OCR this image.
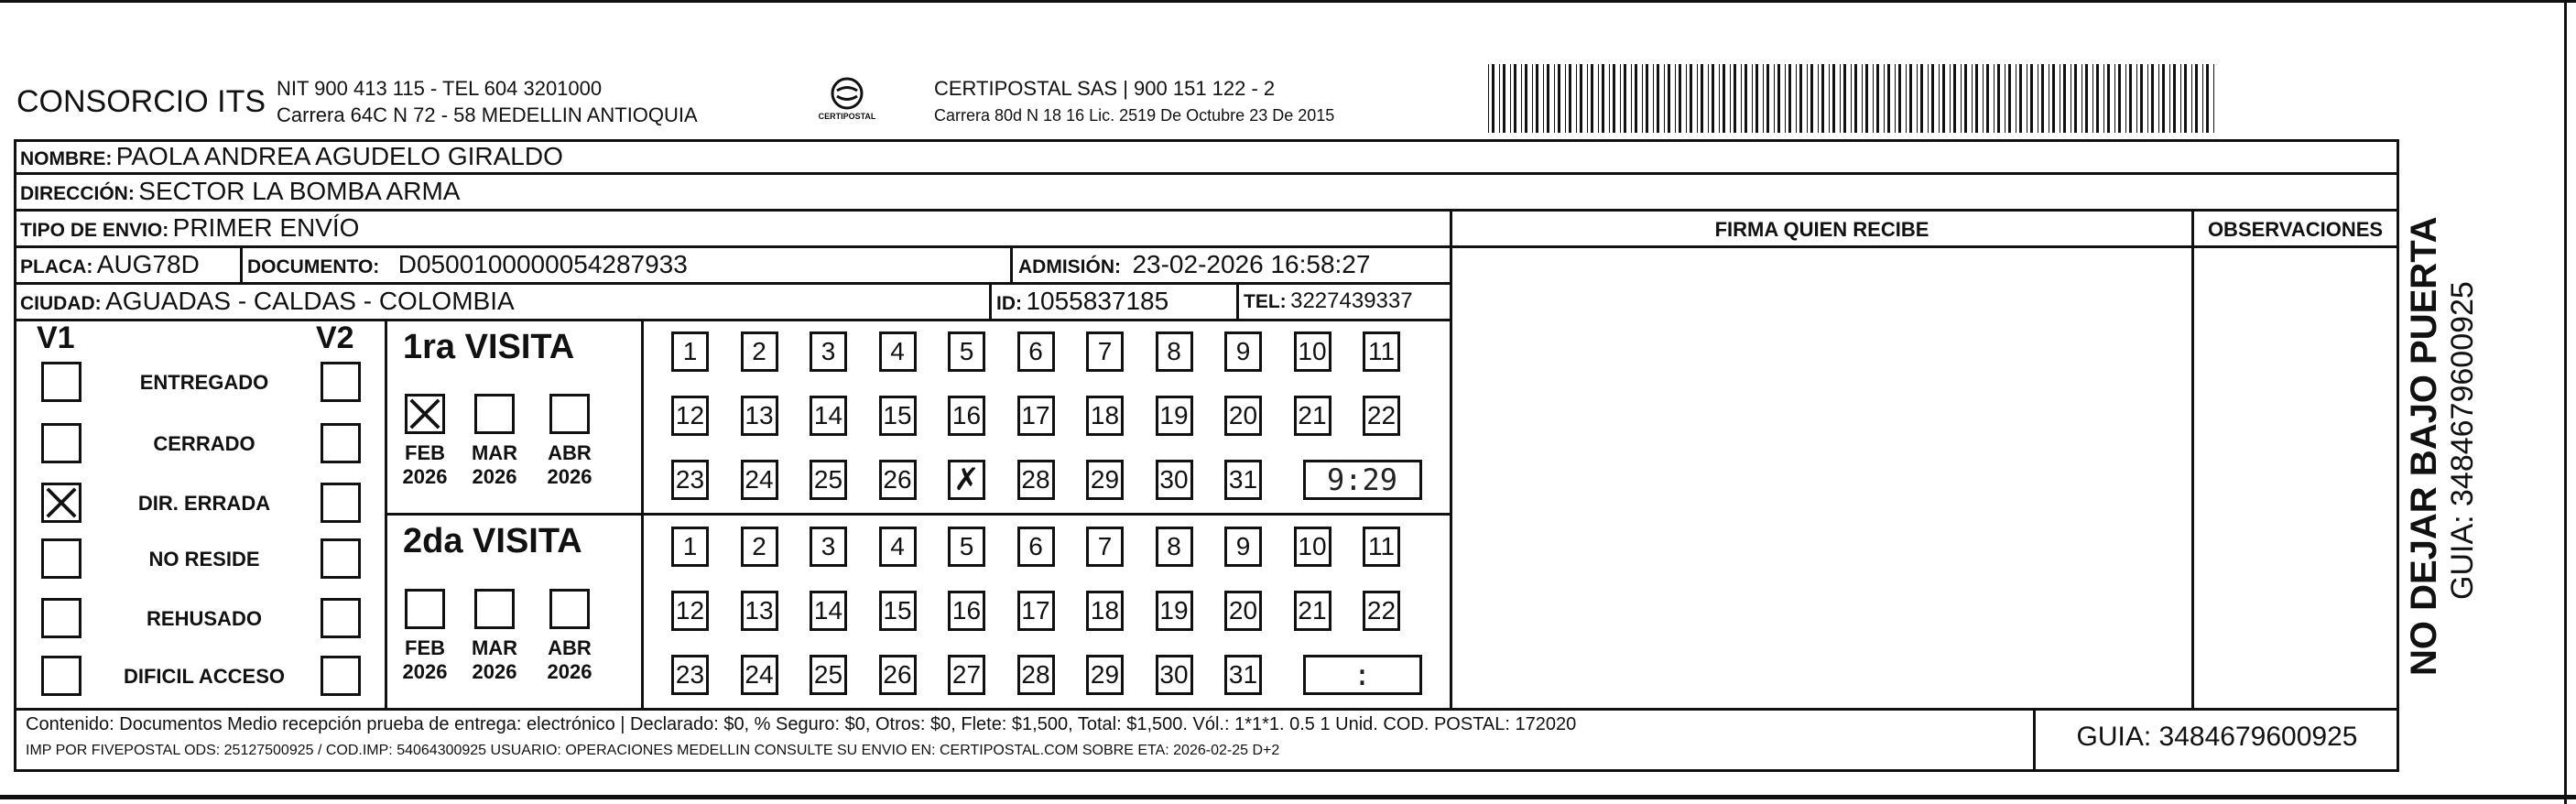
CONSORCIO ITS NIT 900 413 115 - TEL 604 3201000
Carrera 64C N 72 - 58 MEDELLIN ANTIOQUIA	CERTIPOSTAL
CERTIPOSTAL SAS | 900 151 122 - 2
Carrera 80d N 18 16 Lic. 2519 De Octubre 23 De 2015
NOMBRE: PAOLA ANDREA AGUDELO GIRALDO
DIRECCIÓN: SECTOR LA BOMBA ARMA
TIPO DE ENVIO: PRIMER ENVÍO
PLACA: AUG78D DOCUMENTO: D0500100000054287933	ADMISIÓN: 23-02-2026 16:58:27
CIUDAD: AGUADAS - CALDAS - COLOMBIA	ID: 1055837185	TEL: 3227439337
FIRMA QUIEN RECIBE	OBSERVACIONES
V1	V2
ENTREGADO
CERRADO
DIR. ERRADA
NO RESIDE
REHUSADO
DIFICIL ACCESO
1ra VISITA
2da VISITA
FEB
2026
MAR
2026
ABR
2026
FEB
2026
MAR
2026
ABR
2026
1	2	3	4	5	6	7	8	9	10 11
12 13 14 15 16 17 18 19 20 21 22
23 24 25 26 ✗ 28 29 30 31	9:29
1	2	3	4	5	6	7	8	9	10 11
12 13 14 15 16 17 18 19 20 21 22
23 24 25 26 27 28 29 30 31	:
Contenido: Documentos Medio recepción prueba de entrega: electrónico | Declarado: $0, % Seguro: $0, Otros: $0, Flete: $1,500, Total: $1,500. Vól.: 1*1*1. 0.5 1 Unid. COD. POSTAL: 172020
IMP POR FIVEPOSTAL ODS: 25127500925 / COD.IMP: 54064300925 USUARIO: OPERACIONES MEDELLIN CONSULTE SU ENVIO EN: CERTIPOSTAL.COM SOBRE ETA: 2026-02-25 D+2	GUIA: 3484679600925
NO DEJAR BAJO PUERTA GUIA: 3484679600925
